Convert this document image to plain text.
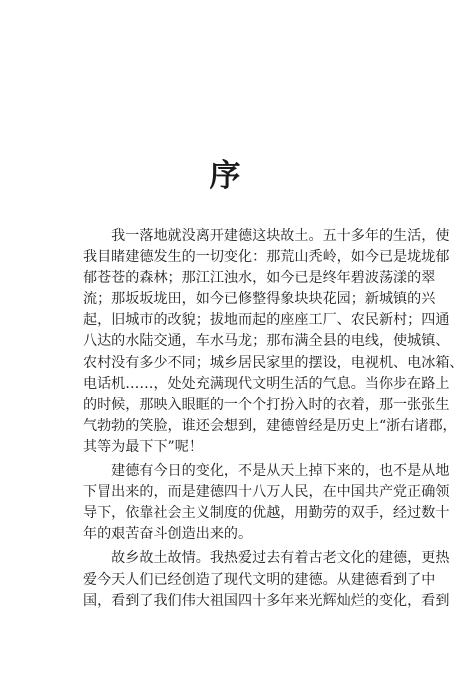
序
　　我一落地就没离开建德这块故土。五十多年的生活，使
我目睹建德发生的一切变化：那荒山秃岭，如今已是垅垅郁
郁苍苍的森林；那江江浊水，如今已是终年碧波荡漾的翠
流；那坂坂垅田，如今已修整得象块块花园；新城镇的兴
起，旧城市的改貌；拔地而起的座座工厂、农民新村；四通
八达的水陆交通，车水马龙；那布满全县的电线，使城镇、
农村没有多少不同；城乡居民家里的摆设，电视机、电冰箱、
电话机……，处处充满现代文明生活的气息。当你步在路上
的时候，那映入眼眶的一个个打扮入时的衣着，那一张张生
气勃勃的笑脸，谁还会想到，建德曾经是历史上“浙右诸郡，
其等为最下下”呢！
　　建德有今日的变化，不是从天上掉下来的，也不是从地
下冒出来的，而是建德四十八万人民，在中国共产党正确领
导下，依靠社会主义制度的优越，用勤劳的双手，经过数十
年的艰苦奋斗创造出来的。
　　故乡故土故情。我热爱过去有着古老文化的建德，更热
爱今天人们已经创造了现代文明的建德。从建德看到了中
国，看到了我们伟大祖国四十多年来光辉灿烂的变化，看到
